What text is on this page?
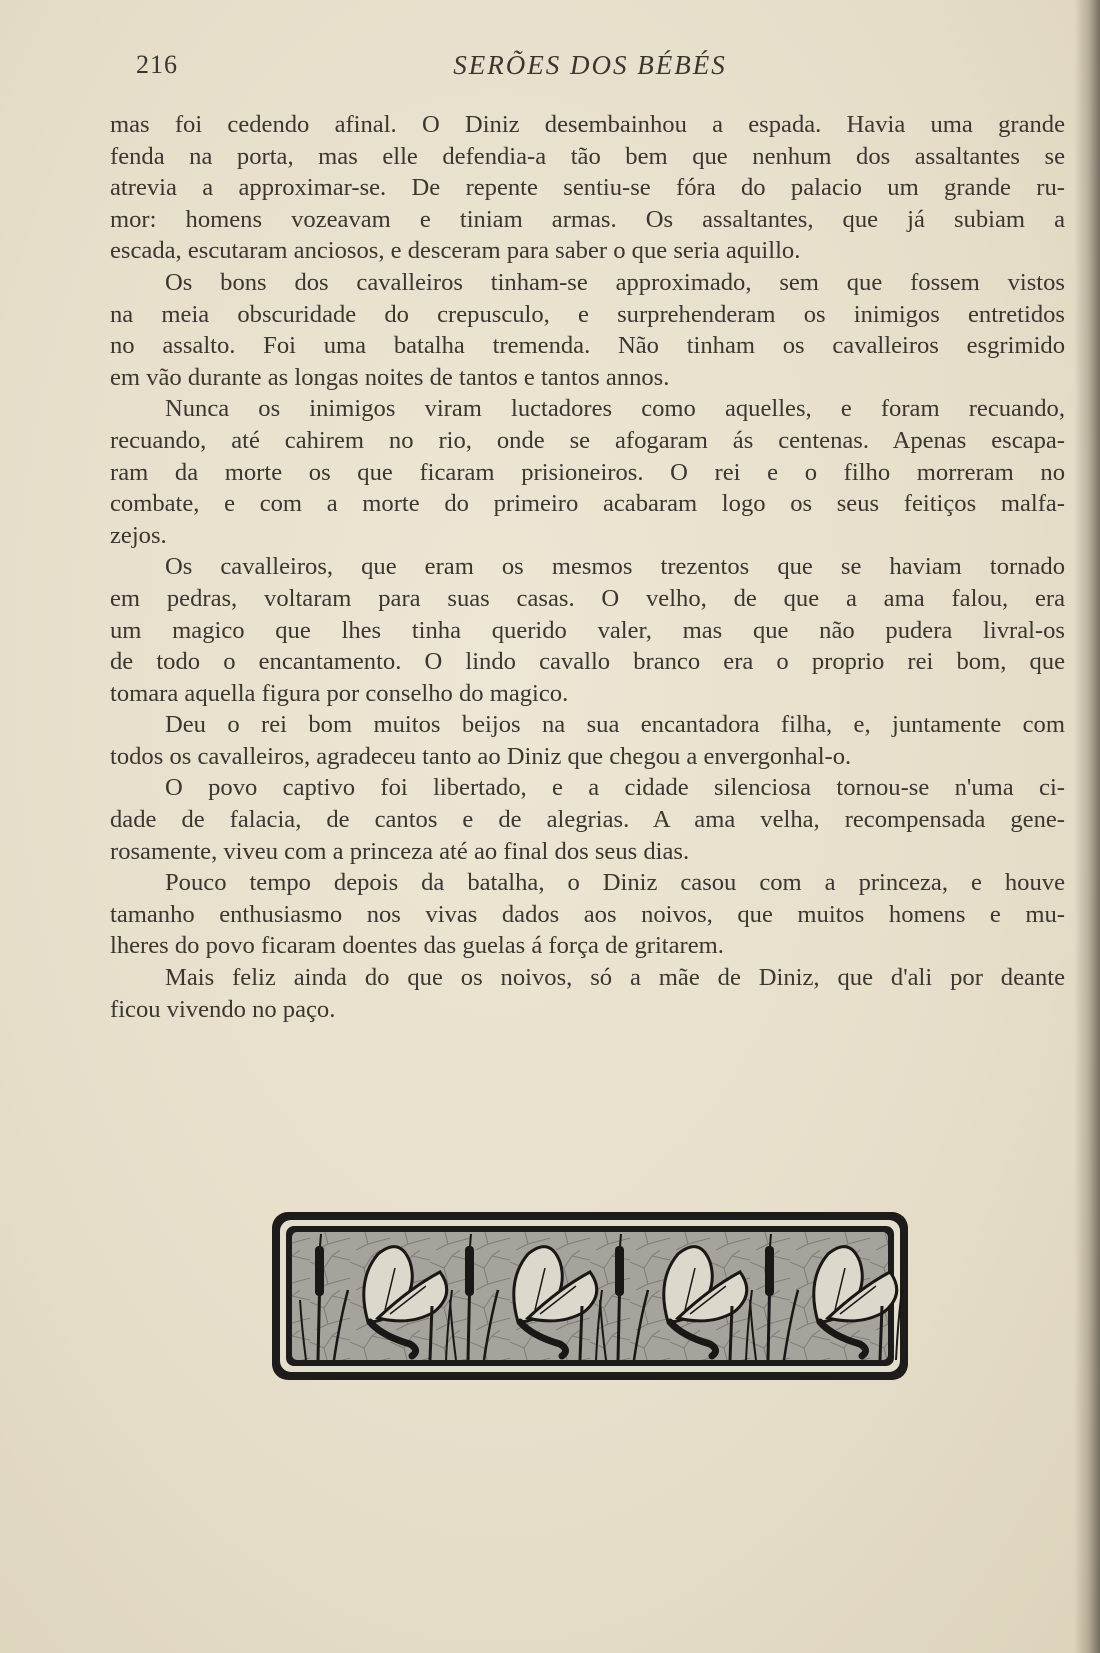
216	SERÕES DOS BÉBÉS
mas foi cedendo afinal. O Diniz desembainhou a espada. Havia uma grande
fenda na porta, mas elle defendia-a tão bem que nenhum dos assaltantes se
atrevia a approximar-se. De repente sentiu-se fóra do palacio um grande ru-
mor: homens vozeavam e tiniam armas. Os assaltantes, que já subiam a
escada, escutaram anciosos, e desceram para saber o que seria aquillo.
Os bons dos cavalleiros tinham-se approximado, sem que fossem vistos
na meia obscuridade do crepusculo, e surprehenderam os inimigos entretidos
no assalto. Foi uma batalha tremenda. Não tinham os cavalleiros esgrimido
em vão durante as longas noites de tantos e tantos annos.
Nunca os inimigos viram luctadores como aquelles, e foram recuando,
recuando, até cahirem no rio, onde se afogaram ás centenas. Apenas escapa-
ram da morte os que ficaram prisioneiros. O rei e o filho morreram no
combate, e com a morte do primeiro acabaram logo os seus feitiços malfa-
zejos.
Os cavalleiros, que eram os mesmos trezentos que se haviam tornado
em pedras, voltaram para suas casas. O velho, de que a ama falou, era
um magico que lhes tinha querido valer, mas que não pudera livral-os
de todo o encantamento. O lindo cavallo branco era o proprio rei bom, que
tomara aquella figura por conselho do magico.
Deu o rei bom muitos beijos na sua encantadora filha, e, juntamente com
todos os cavalleiros, agradeceu tanto ao Diniz que chegou a envergonhal-o.
O povo captivo foi libertado, e a cidade silenciosa tornou-se n'uma ci-
dade de falacia, de cantos e de alegrias. A ama velha, recompensada gene-
rosamente, viveu com a princeza até ao final dos seus dias.
Pouco tempo depois da batalha, o Diniz casou com a princeza, e houve
tamanho enthusiasmo nos vivas dados aos noivos, que muitos homens e mu-
lheres do povo ficaram doentes das guelas á força de gritarem.
Mais feliz ainda do que os noivos, só a mãe de Diniz, que d'ali por deante
ficou vivendo no paço.
